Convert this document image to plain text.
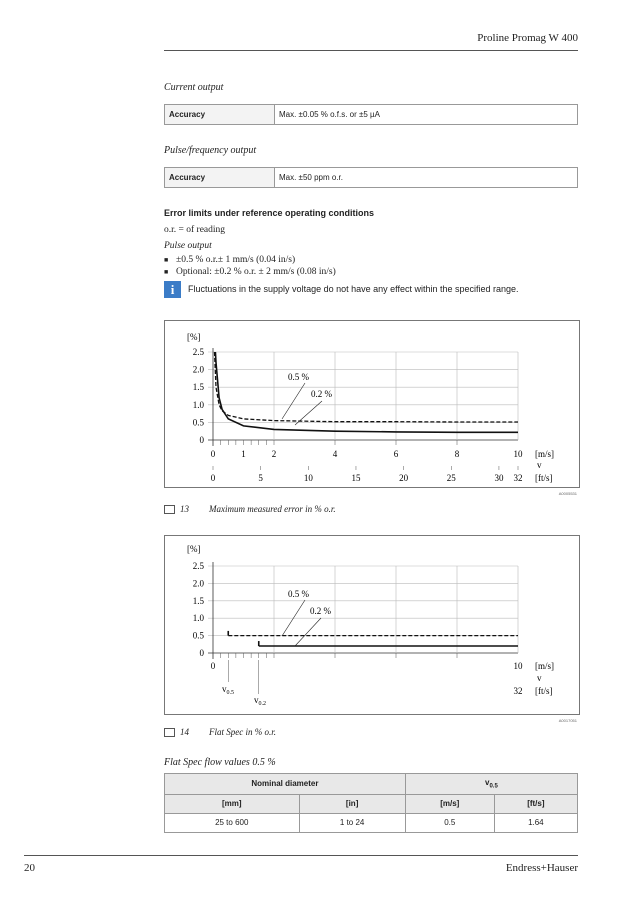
Proline Promag W 400
Current output
Accuracy	Max. ±0.05 % o.f.s. or ±5 µA
Pulse/frequency output
Accuracy	Max. ±50 ppm o.r.
Error limits under reference operating conditions
o.r. = of reading
Pulse output
■ ±0.5 % o.r.± 1 mm/s (0.04 in/s)
■ Optional: ±0.2 % o.r. ± 2 mm/s (0.08 in/s)
i	Fluctuations in the supply voltage do not have any effect within the specified range.
[%]
2.5
2.0
1.5
1.0
0.5
0
0	1	2	4	6	8	10
0	5	10	15	20	25	30 32
0.5 %
0.2 %
[m/s]
v
[ft/s]
A0005531
13 Maximum measured error in % o.r.
[%]
2.5
2.0
1.5
1.0
0.5
0
0	10
32
0.5 %
0.2 %
[m/s]
v
[ft/s]
$v_{0.5}$
$v_{0.2}$
A0017051
14 Flat Spec in % o.r.
Flat Spec flow values 0.5 %
Nominal diameter		$v_{0.5}$
[mm]	[in]	[m/s]	[ft/s]
25 to 600	1 to 24	0.5	1.64
20	Endress+Hauser
